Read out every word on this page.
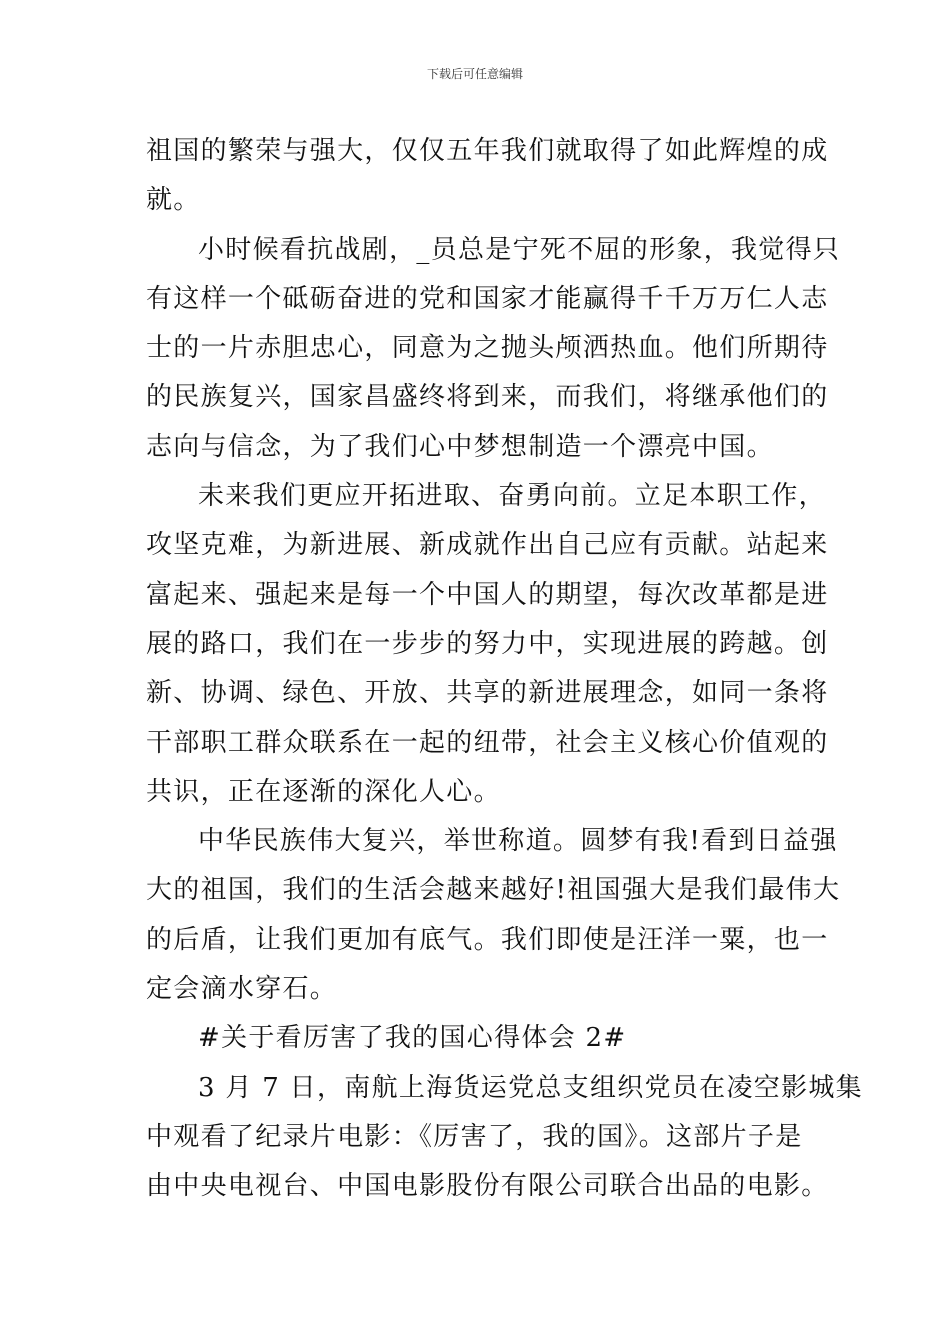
下载后可任意编辑

祖国的繁荣与强大，仅仅五年我们就取得了如此辉煌的成
就。

小时候看抗战剧，_员总是宁死不屈的形象，我觉得只
有这样一个砥砺奋进的党和国家才能赢得千千万万仁人志
士的一片赤胆忠心，同意为之抛头颅洒热血。他们所期待
的民族复兴，国家昌盛终将到来，而我们，将继承他们的
志向与信念，为了我们心中梦想制造一个漂亮中国。

未来我们更应开拓进取、奋勇向前。立足本职工作，
攻坚克难，为新进展、新成就作出自己应有贡献。站起来
富起来、强起来是每一个中国人的期望，每次改革都是进
展的路口，我们在一步步的努力中，实现进展的跨越。创
新、协调、绿色、开放、共享的新进展理念，如同一条将
干部职工群众联系在一起的纽带，社会主义核心价值观的
共识，正在逐渐的深化人心。

中华民族伟大复兴，举世称道。圆梦有我!看到日益强
大的祖国，我们的生活会越来越好!祖国强大是我们最伟大
的后盾，让我们更加有底气。我们即使是汪洋一粟，也一
定会滴水穿石。

#关于看厉害了我的国心得体会 2#

3 月 7 日，南航上海货运党总支组织党员在凌空影城集
中观看了纪录片电影：《厉害了，我的国》。这部片子是
由中央电视台、中国电影股份有限公司联合出品的电影。
